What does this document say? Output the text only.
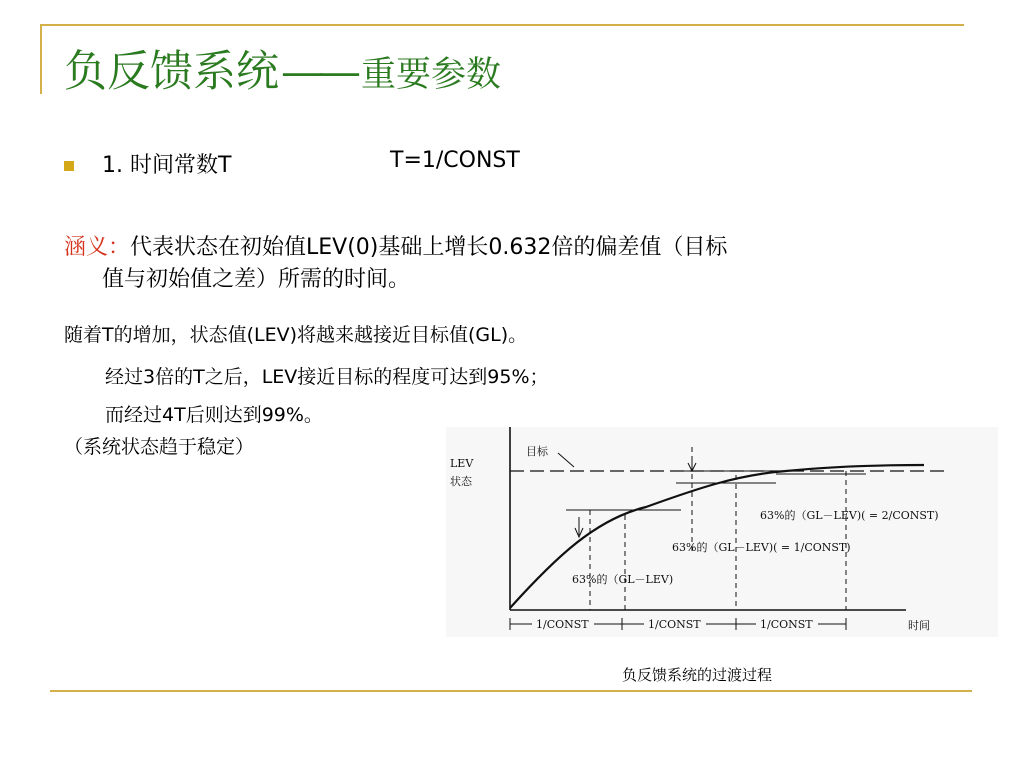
负反馈系统—— 重要参数
1. 时间常数T	T=1/CONST
涵义：代表状态在初始值LEV(0)基础上增长0.632倍的偏差值（目标
值与初始值之差）所需的时间。
随着T的增加，状态值(LEV)将越来越接近目标值(GL)。
经过3倍的T之后，LEV接近目标的程度可达到95%；
而经过4T后则达到99%。
（系统状态趋于稳定）
LEV
状态
目标
63%的（GL－LEV)( = 2/CONST)
63%的（GL－LEV)( = 1/CONST)
63%的（GL－LEV)
1/CONST	1/CONST	1/CONST	时间
负反馈系统的过渡过程
